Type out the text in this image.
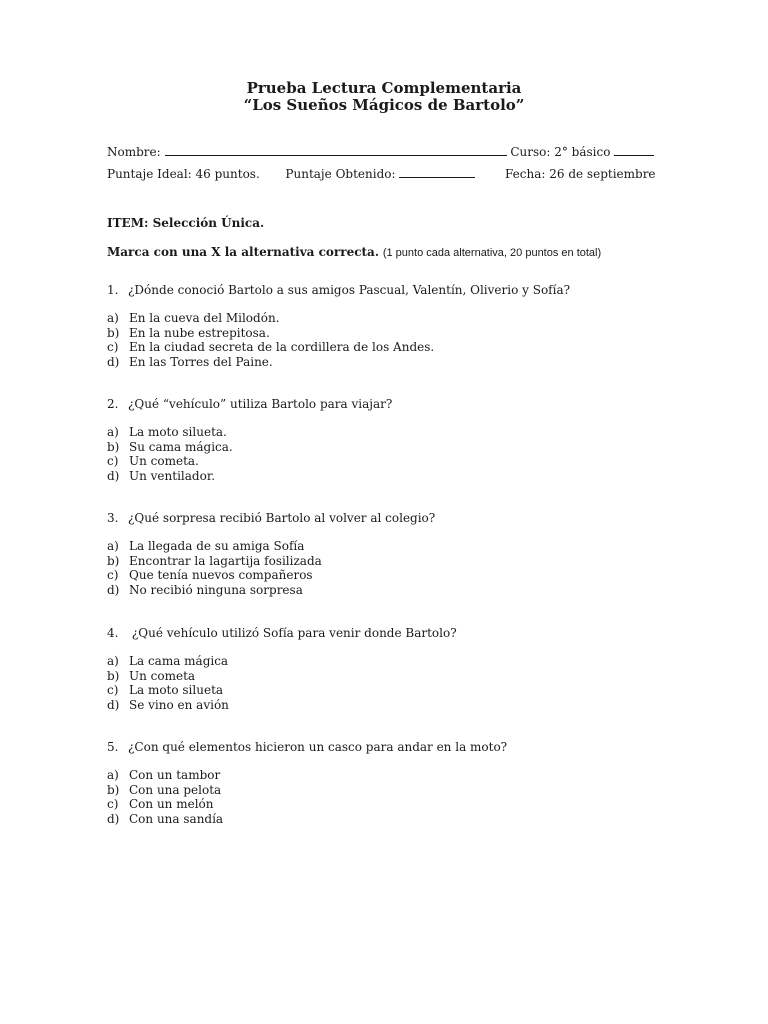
Prueba Lectura Complementaria
“Los Sueños Mágicos de Bartolo”
Nombre:	Curso: 2° básico
Puntaje Ideal: 46 puntos. Puntaje Obtenido:	Fecha: 26 de septiembre
ITEM: Selección Única.
Marca con una X la alternativa correcta. (1 punto cada alternativa, 20 puntos en total)
1. ¿Dónde conoció Bartolo a sus amigos Pascual, Valentín, Oliverio y Sofía?
a) En la cueva del Milodón.
b) En la nube estrepitosa.
c) En la ciudad secreta de la cordillera de los Andes.
d) En las Torres del Paine.
2. ¿Qué “vehículo” utiliza Bartolo para viajar?
a) La moto silueta.
b) Su cama mágica.
c) Un cometa.
d) Un ventilador.
3. ¿Qué sorpresa recibió Bartolo al volver al colegio?
a) La llegada de su amiga Sofía
b) Encontrar la lagartija fosilizada
c) Que tenía nuevos compañeros
d) No recibió ninguna sorpresa
4. ¿Qué vehículo utilizó Sofía para venir donde Bartolo?
a) La cama mágica
b) Un cometa
c) La moto silueta
d) Se vino en avión
5. ¿Con qué elementos hicieron un casco para andar en la moto?
a) Con un tambor
b) Con una pelota
c) Con un melón
d) Con una sandía
